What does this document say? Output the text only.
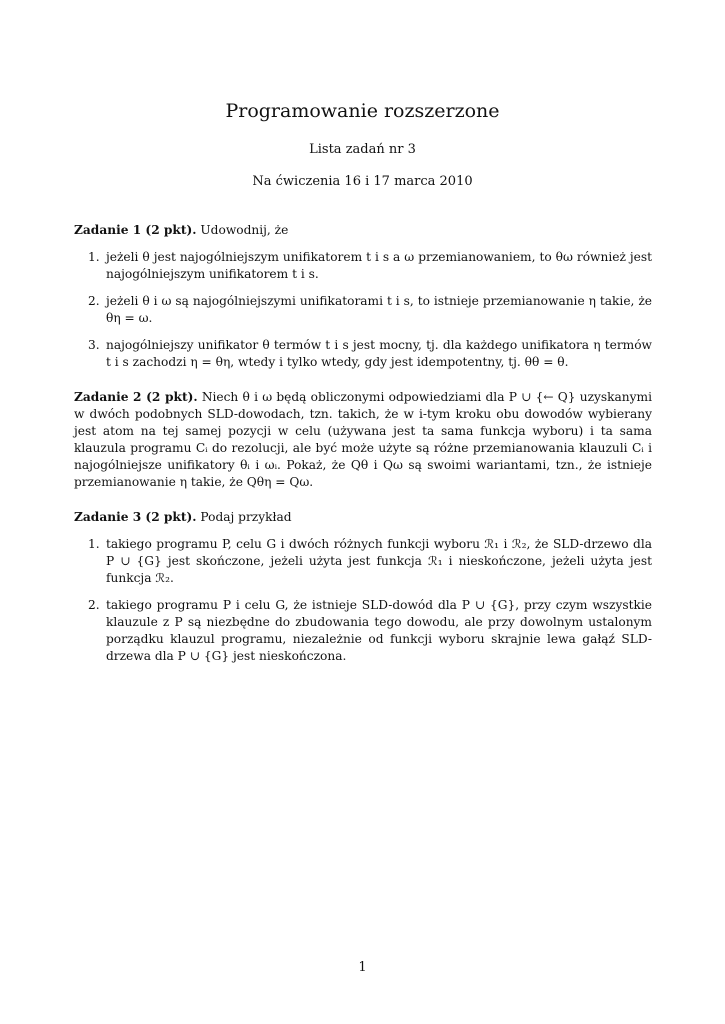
Programowanie rozszerzone
Lista zadań nr 3
Na ćwiczenia 16 i 17 marca 2010
Zadanie 1 (2 pkt). Udowodnij, że
1. jeżeli θ jest najogólniejszym unifikatorem t i s a ω przemianowaniem, to θω również jest najogólniejszym unifikatorem t i s.
2. jeżeli θ i ω są najogólniejszymi unifikatorami t i s, to istnieje przemianowanie η takie, że θη = ω.
3. najogólniejszy unifikator θ termów t i s jest mocny, tj. dla każdego unifikatora η termów t i s zachodzi η = θη, wtedy i tylko wtedy, gdy jest idempotentny, tj. θθ = θ.
Zadanie 2 (2 pkt). Niech θ i ω będą obliczonymi odpowiedziami dla P ∪ {← Q} uzyskanymi w dwóch podobnych SLD-dowodach, tzn. takich, że w i-tym kroku obu dowodów wybierany jest atom na tej samej pozycji w celu (używana jest ta sama funkcja wyboru) i ta sama klauzula programu Cᵢ do rezolucji, ale być może użyte są różne przemianowania klauzuli Cᵢ i najogólniejsze unifikatory θᵢ i ωᵢ. Pokaż, że Qθ i Qω są swoimi wariantami, tzn., że istnieje przemianowanie η takie, że Qθη = Qω.
Zadanie 3 (2 pkt). Podaj przykład
1. takiego programu P, celu G i dwóch różnych funkcji wyboru ℛ₁ i ℛ₂, że SLD-drzewo dla P ∪ {G} jest skończone, jeżeli użyta jest funkcja ℛ₁ i nieskończone, jeżeli użyta jest funkcja ℛ₂.
2. takiego programu P i celu G, że istnieje SLD-dowód dla P ∪ {G}, przy czym wszystkie klauzule z P są niezbędne do zbudowania tego dowodu, ale przy dowolnym ustalonym porządku klauzul programu, niezależnie od funkcji wyboru skrajnie lewa gałąź SLD-drzewa dla P ∪ {G} jest nieskończona.
1
